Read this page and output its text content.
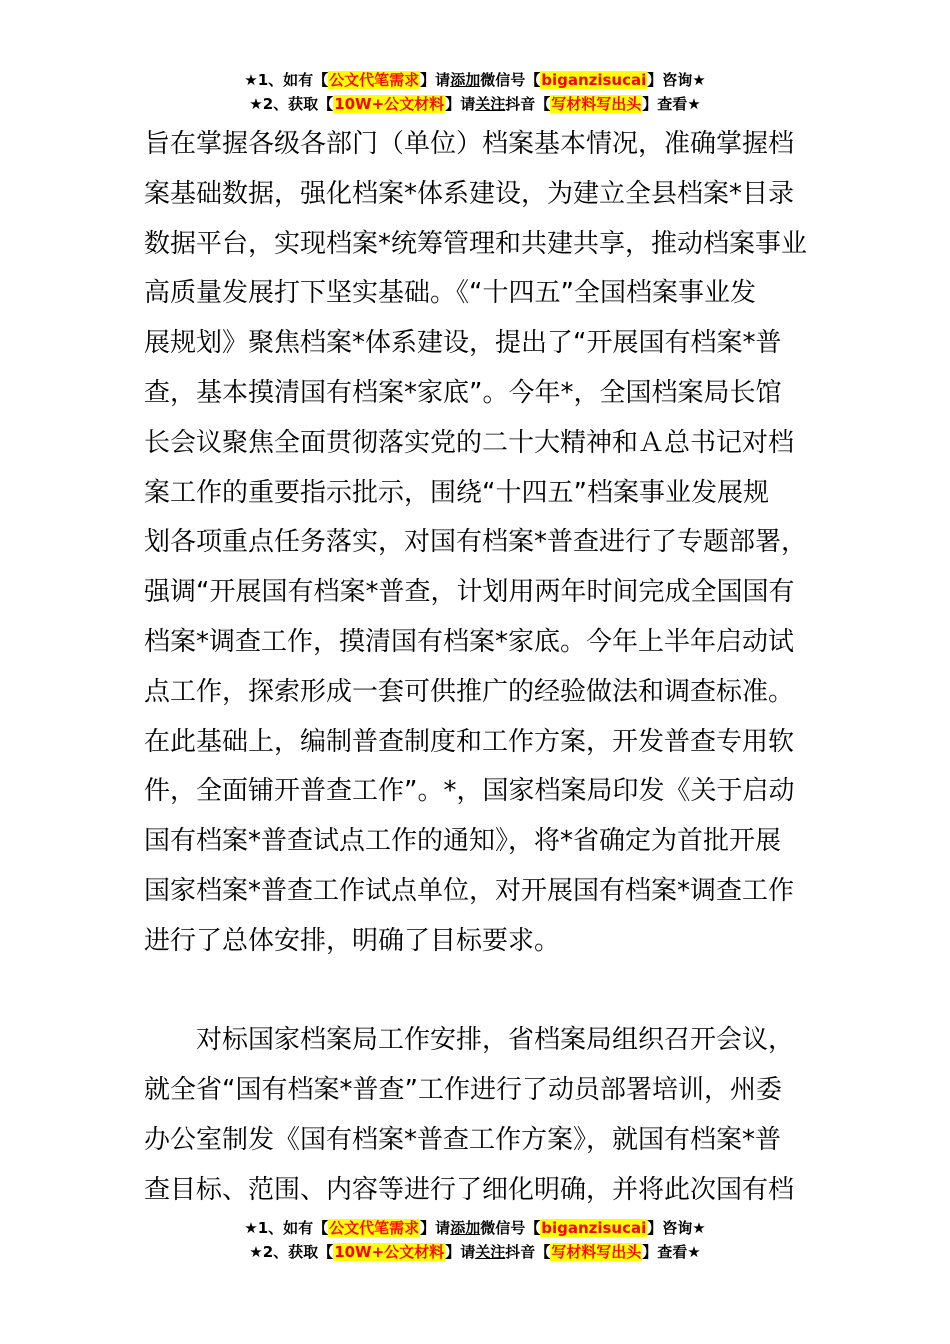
★1、如有【公文代笔需求】请添加微信号【biganzisucai】咨询★
★2、获取【10W+公文材料】请关注抖音【写材料写出头】查看★
旨在掌握各级各部门（单位）档案基本情况，准确掌握档
案基础数据，强化档案*体系建设，为建立全县档案*目录
数据平台，实现档案*统筹管理和共建共享，推动档案事业
高质量发展打下坚实基础。《“十四五”全国档案事业发
展规划》聚焦档案*体系建设，提出了“开展国有档案*普
查，基本摸清国有档案*家底”。今年*，全国档案局长馆
长会议聚焦全面贯彻落实党的二十大精神和Ａ总书记对档
案工作的重要指示批示，围绕“十四五”档案事业发展规
划各项重点任务落实，对国有档案*普查进行了专题部署，
强调“开展国有档案*普查，计划用两年时间完成全国国有
档案*调查工作，摸清国有档案*家底。今年上半年启动试
点工作，探索形成一套可供推广的经验做法和调查标准。
在此基础上，编制普查制度和工作方案，开发普查专用软
件，全面铺开普查工作”。*，国家档案局印发《关于启动
国有档案*普查试点工作的通知》，将*省确定为首批开展
国家档案*普查工作试点单位，对开展国有档案*调查工作
进行了总体安排，明确了目标要求。
对标国家档案局工作安排，省档案局组织召开会议，
就全省“国有档案*普查”工作进行了动员部署培训，州委
办公室制发《国有档案*普查工作方案》，就国有档案*普
查目标、范围、内容等进行了细化明确，并将此次国有档
★1、如有【公文代笔需求】请添加微信号【biganzisucai】咨询★
★2、获取【10W+公文材料】请关注抖音【写材料写出头】查看★
